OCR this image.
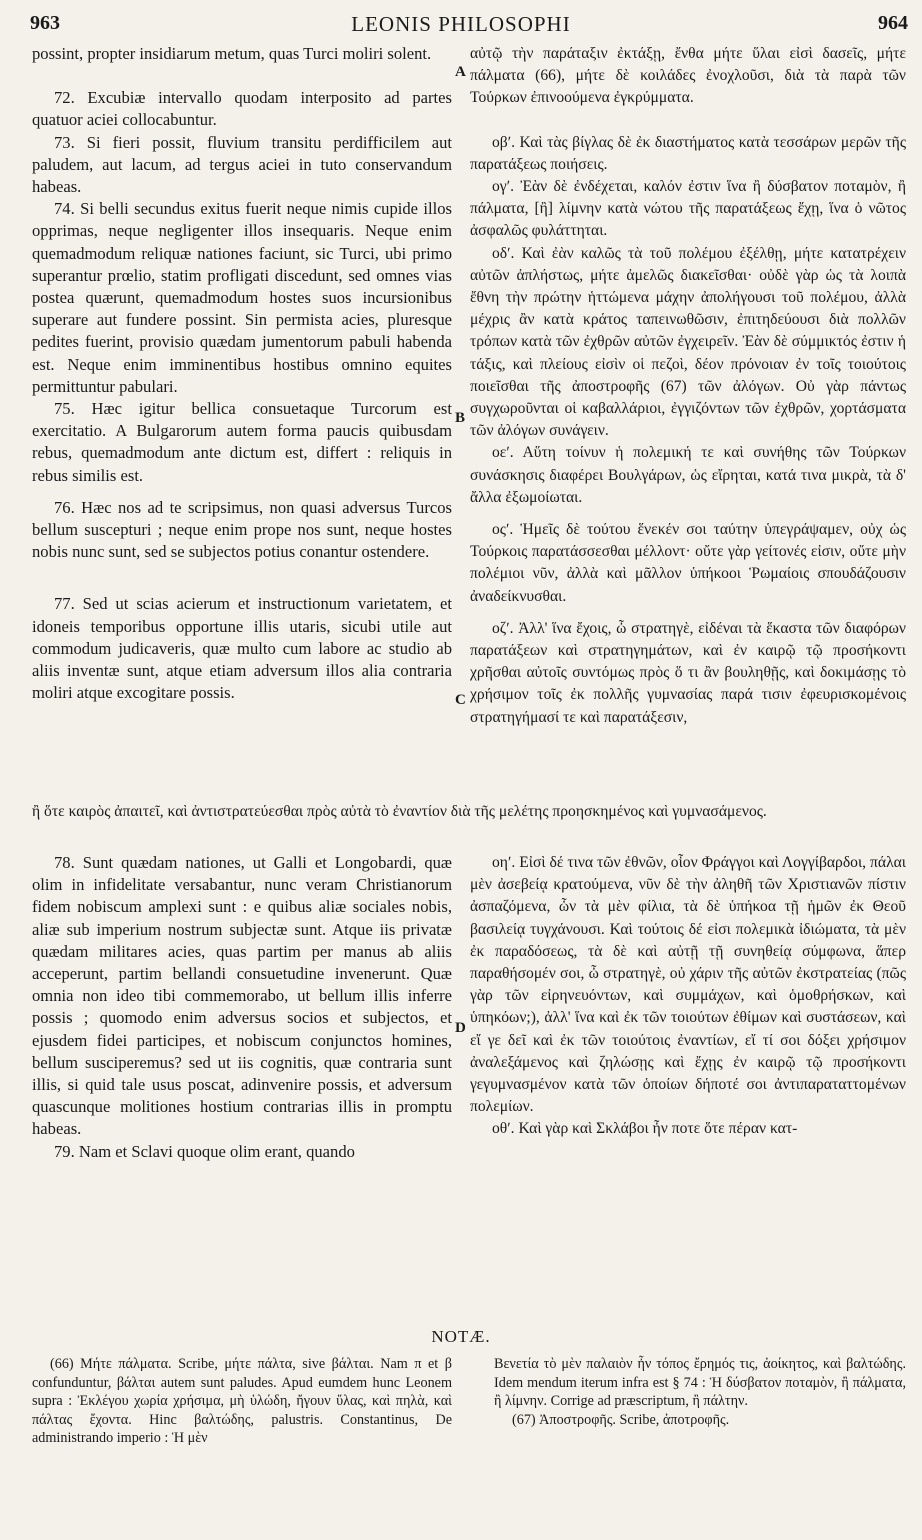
963	LEONIS PHILOSOPHI	964

possint, propter insidiarum metum, quas Turci moliri solent.

72. Excubiæ intervallo quodam interposito ad partes quatuor aciei collocabuntur.

73. Si fieri possit, fluvium transitu perdifficilem aut paludem, aut lacum, ad tergus aciei in tuto conservandum habeas.

74. Si belli secundus exitus fuerit neque nimis cupide illos opprimas, neque negligenter illos insequaris. Neque enim quemadmodum reliquæ nationes faciunt, sic Turci, ubi primo superantur prœlio, statim profligati discedunt, sed omnes vias postea quærunt, quemadmodum hostes suos incursionibus superare aut fundere possint. Sin permista acies, pluresque pedites fuerint, provisio quædam jumentorum pabuli habenda est. Neque enim imminentibus hostibus omnino equites permittuntur pabulari.

75. Hæc igitur bellica consuetaque Turcorum est exercitatio. A Bulgarorum autem forma paucis quibusdam rebus, quemadmodum ante dictum est, differt : reliquis in rebus similis est.

76. Hæc nos ad te scripsimus, non quasi adversus Turcos bellum suscepturi ; neque enim prope nos sunt, neque hostes nobis nunc sunt, sed se subjectos potius conantur ostendere.

77. Sed ut scias acierum et instructionum varietatem, et idoneis temporibus opportune illis utaris, sicubi utile aut commodum judicaveris, quæ multo cum labore ac studio ab aliis inventæ sunt, atque etiam adversum illos alia contraria moliri atque excogitare possis.

αὐτῷ τὴν παράταξιν ἐκτάξῃ, ἔνθα μήτε ὕλαι εἰσὶ δασεῖς, μήτε πάλματα (66), μήτε δὲ κοιλάδες ἐνοχλοῦσι, διὰ τὰ παρὰ τῶν Τούρκων ἐπινοούμενα ἐγκρύμματα.

οβʹ. Καὶ τὰς βίγλας δὲ ἐκ διαστήματος κατὰ τεσσάρων μερῶν τῆς παρατάξεως ποιήσεις.

ογʹ. Ἐὰν δὲ ἐνδέχεται, καλόν ἐστιν ἵνα ἢ δύσβατον ποταμὸν, ἢ πάλματα, [ἢ] λίμνην κατὰ νώτου τῆς παρατάξεως ἔχῃ, ἵνα ὁ νῶτος ἀσφαλῶς φυλάττηται.

οδʹ. Καὶ ἐὰν καλῶς τὰ τοῦ πολέμου ἐξέλθῃ, μήτε κατατρέχειν αὐτῶν ἀπλήστως, μήτε ἀμελῶς διακεῖσθαι· οὐδὲ γὰρ ὡς τὰ λοιπὰ ἔθνη τὴν πρώτην ἡττώμενα μάχην ἀπολήγουσι τοῦ πολέμου, ἀλλὰ μέχρις ἂν κατὰ κράτος ταπεινωθῶσιν, ἐπιτηδεύουσι διὰ πολλῶν τρόπων κατὰ τῶν ἐχθρῶν αὐτῶν ἐγχειρεῖν. Ἐὰν δὲ σύμμικτός ἐστιν ἡ τάξις, καὶ πλείους εἰσὶν οἱ πεζοὶ, δέον πρόνοιαν ἐν τοῖς τοιούτοις ποιεῖσθαι τῆς ἀποστροφῆς (67) τῶν ἀλόγων. Οὐ γὰρ πάντως συγχωροῦνται οἱ καβαλλάριοι, ἐγγιζόντων τῶν ἐχθρῶν, χορτάσματα τῶν ἀλόγων συνάγειν.

οεʹ. Αὕτη τοίνυν ἡ πολεμική τε καὶ συνήθης τῶν Τούρκων συνάσκησις διαφέρει Βουλγάρων, ὡς εἴρηται, κατά τινα μικρὰ, τὰ δ' ἄλλα ἐξωμοίωται.

οςʹ. Ἡμεῖς δὲ τούτου ἕνεκέν σοι ταύτην ὑπεγράψαμεν, οὐχ ὡς Τούρκοις παρατάσσεσθαι μέλλοντ· οὔτε γὰρ γείτονές εἰσιν, οὔτε μὴν πολέμιοι νῦν, ἀλλὰ καὶ μᾶλλον ὑπήκοοι Ῥωμαίοις σπουδάζουσιν ἀναδείκνυσθαι.

οζʹ. Ἀλλ' ἵνα ἔχοις, ὦ στρατηγὲ, εἰδέναι τὰ ἕκαστα τῶν διαφόρων παρατάξεων καὶ στρατηγημάτων, καὶ ἐν καιρῷ τῷ προσήκοντι χρῆσθαι αὐτοῖς συντόμως πρὸς ὅ τι ἂν βουληθῇς, καὶ δοκιμάσῃς τὸ χρήσιμον τοῖς ἐκ πολλῆς γυμνασίας παρά τισιν ἐφευρισκομένοις στρατηγήμασί τε καὶ παρατάξεσιν,

A
B
C
D

ἢ ὅτε καιρὸς ἀπαιτεῖ, καὶ ἀντιστρατεύεσθαι πρὸς αὐτὰ τὸ ἐναντίον διὰ τῆς μελέτης προησκημένος καὶ γυμνασάμενος.

78. Sunt quædam nationes, ut Galli et Longobardi, quæ olim in infidelitate versabantur, nunc veram Christianorum fidem nobiscum amplexi sunt : e quibus aliæ sociales nobis, aliæ sub imperium nostrum subjectæ sunt. Atque iis privatæ quædam militares acies, quas partim per manus ab aliis acceperunt, partim bellandi consuetudine invenerunt. Quæ omnia non ideo tibi commemorabo, ut bellum illis inferre possis ; quomodo enim adversus socios et subjectos, et ejusdem fidei participes, et nobiscum conjunctos homines, bellum susciperemus? sed ut iis cognitis, quæ contraria sunt illis, si quid tale usus poscat, adinvenire possis, et adversum quascunque molitiones hostium contrarias illis in promptu habeas.

79. Nam et Sclavi quoque olim erant, quando

οηʹ. Εἰσὶ δέ τινα τῶν ἐθνῶν, οἷον Φράγγοι καὶ Λογγίβαρδοι, πάλαι μὲν ἀσεβείᾳ κρατούμενα, νῦν δὲ τὴν ἀληθῆ τῶν Χριστιανῶν πίστιν ἀσπαζόμενα, ὧν τὰ μὲν φίλια, τὰ δὲ ὑπήκοα τῇ ἡμῶν ἐκ Θεοῦ βασιλείᾳ τυγχάνουσι. Καὶ τούτοις δέ εἰσι πολεμικὰ ἰδιώματα, τὰ μὲν ἐκ παραδόσεως, τὰ δὲ καὶ αὐτῇ τῇ συνηθείᾳ σύμφωνα, ἅπερ παραθήσομέν σοι, ὦ στρατηγὲ, οὐ χάριν τῆς αὐτῶν ἐκστρατείας (πῶς γὰρ τῶν εἰρηνευόντων, καὶ συμμάχων, καὶ ὁμοθρήσκων, καὶ ὑπηκόων;), ἀλλ' ἵνα καὶ ἐκ τῶν τοιούτων ἐθίμων καὶ συστάσεων, καὶ εἴ γε δεῖ καὶ ἐκ τῶν τοιούτοις ἐναντίων, εἴ τί σοι δόξει χρήσιμον ἀναλεξάμενος καὶ ζηλώσῃς καὶ ἔχῃς ἐν καιρῷ τῷ προσήκοντι γεγυμνασμένον κατὰ τῶν ὁποίων δήποτέ σοι ἀντιπαραταττομένων πολεμίων.

οθʹ. Καὶ γὰρ καὶ Σκλάβοι ἦν ποτε ὅτε πέραν κατ-

NOTÆ.

(66) Μήτε πάλματα. Scribe, μήτε πάλτα, sive βάλται. Nam π et β confunduntur, βάλται autem sunt paludes. Apud eumdem hunc Leonem supra : Ἐκλέγου χωρία χρήσιμα, μὴ ὑλώδη, ἤγουν ὕλας, καὶ πηλὰ, καὶ πάλτας ἔχοντα. Hinc βαλτώδης, palustris. Constantinus, De administrando imperio : Ἡ μὲν

Βενετία τὸ μὲν παλαιὸν ἦν τόπος ἔρημός τις, ἀοίκητος, καὶ βαλτώδης. Idem mendum iterum infra est § 74 : Ἡ δύσβατον ποταμὸν, ἢ πάλματα, ἢ λίμνην. Corrige ad præscriptum, ἢ πάλτην.

(67) Ἀποστροφῆς. Scribe, ἀποτροφῆς.
